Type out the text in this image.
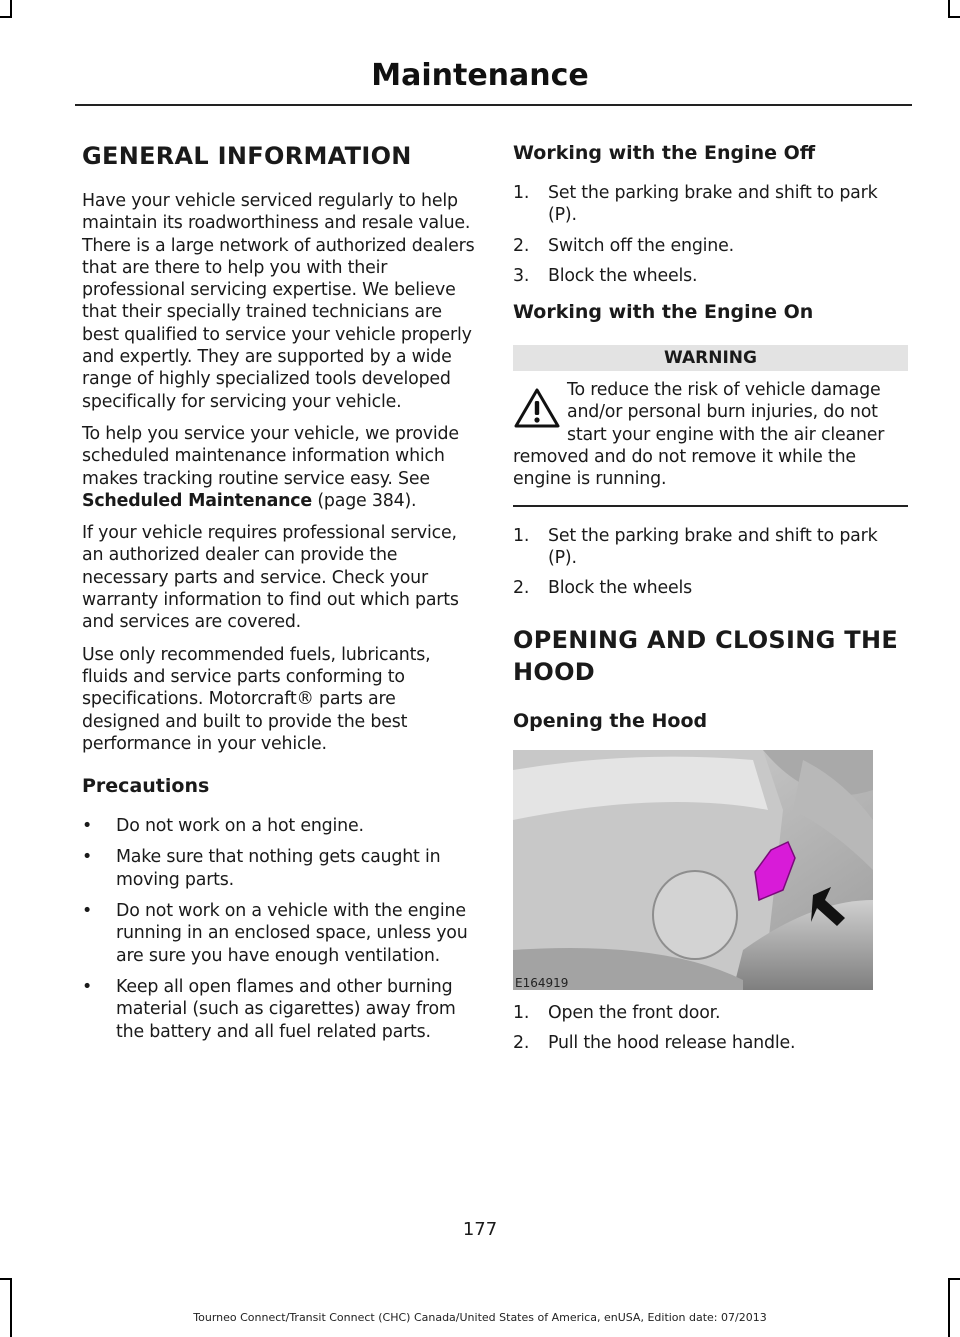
Maintenance
GENERAL INFORMATION

Have your vehicle serviced regularly to help maintain its roadworthiness and resale value. There is a large network of authorized dealers that are there to help you with their professional servicing expertise. We believe that their specially trained technicians are best qualified to service your vehicle properly and expertly. They are supported by a wide range of highly specialized tools developed specifically for servicing your vehicle.

To help you service your vehicle, we provide scheduled maintenance information which makes tracking routine service easy. See Scheduled Maintenance (page 384).

If your vehicle requires professional service, an authorized dealer can provide the necessary parts and service. Check your warranty information to find out which parts and services are covered.

Use only recommended fuels, lubricants, fluids and service parts conforming to specifications. Motorcraft® parts are designed and built to provide the best performance in your vehicle.

Precautions
• Do not work on a hot engine.
• Make sure that nothing gets caught in moving parts.
• Do not work on a vehicle with the engine running in an enclosed space, unless you are sure you have enough ventilation.
• Keep all open flames and other burning material (such as cigarettes) away from the battery and all fuel related parts.
Working with the Engine Off
1. Set the parking brake and shift to park (P).
2. Switch off the engine.
3. Block the wheels.
Working with the Engine On
WARNING
To reduce the risk of vehicle damage and/or personal burn injuries, do not start your engine with the air cleaner removed and do not remove it while the engine is running.
1. Set the parking brake and shift to park (P).
2. Block the wheels
OPENING AND CLOSING THE
HOOD
Opening the Hood
E164919
1. Open the front door.
2. Pull the hood release handle.
177
Tourneo Connect/Transit Connect (CHC) Canada/United States of America, enUSA, Edition date: 07/2013
